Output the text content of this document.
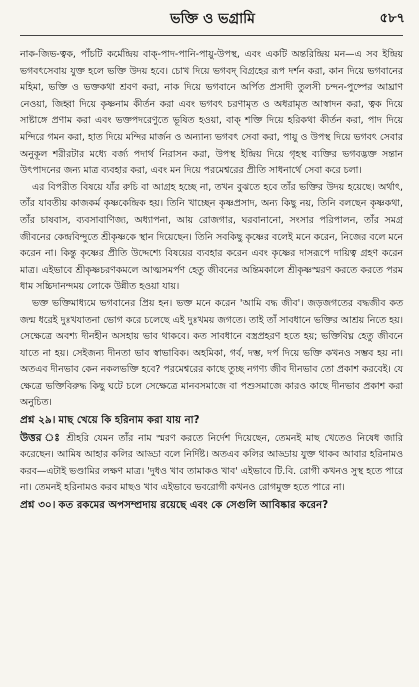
ভক্তি ও ভগ্রামি	৫৮৭

নাক-জিভ-ত্বক, পাঁচটি কর্মেন্দ্রিয় বাক্-পাদ-পানি-পায়ু-উপস্থ, এবং একটি অন্তরিন্দ্রিয় মন—এ সব ইন্দ্রিয় ভগবৎসেবায় যুক্ত হলে ভক্তি উদয় হবে। চোখ দিয়ে ভগবদ্ বিগ্রহের রূপ দর্শন করা, কান দিয়ে ভগবানের মহিমা, ভক্তি ও ভক্তকথা শ্রবণ করা, নাক দিয়ে ভগবানে অর্পিত প্রসাদী তুলসী চন্দন-পুষ্পের আঘ্রাণ নেওয়া, জিহ্বা দিয়ে কৃষ্ণনাম কীর্তন করা এবং ভগবৎ চরণামৃত ও অধরামৃত আস্বাদন করা, ত্বক দিয়ে সাষ্টাঙ্গে প্রণাম করা এবং ভক্তপদরেণুতে ভূষিত হওয়া, বাক্ শক্তি দিয়ে হরিকথা কীর্তন করা, পাদ দিয়ে মন্দিরে গমন করা, হাত দিয়ে মন্দির মার্জন ও অন্যান্য ভগবৎ সেবা করা, পায়ু ও উপস্থ দিয়ে ভগবৎ সেবার অনুকূল শরীরটার মধ্যে বর্জ্য পদার্থ নিরাসন করা, উপস্থ ইন্দ্রিয় দিয়ে গৃহস্থ ব্যক্তির ভগবদ্ভক্ত সন্তান উৎপাদনের জন্য মাত্র ব্যবহার করা, এবং মন দিয়ে পরমেশ্বরের প্রীতি সাধনার্থে সেবা করে চলা।

এর বিপরীত বিষয়ে যাঁর রুচি বা আগ্রহ হচ্ছে না, তখন বুঝতে হবে তাঁর ভক্তির উদয় হয়েছে। অর্থাৎ, তাঁর যাবতীয় কাজকর্ম কৃষ্ণকেন্দ্রিক হয়। তিনি খাচ্ছেন কৃষ্ণপ্রসাদ, অন্য কিছু নয়, তিনি বলছেন কৃষ্ণকথা, তাঁর চাষবাস, ব্যবসাবাণিজ্য, অধ্যাপনা, আয় রোজগার, ঘরবানানো, সংসার পরিপালন, তাঁর সমগ্র জীবনের কেন্দ্রবিন্দুতে শ্রীকৃষ্ণকে স্থান দিয়েছেন। তিনি সবকিছু কৃষ্ণের বলেই মনে করেন, নিজের বলে মনে করেন না। কিন্তু কৃষ্ণের প্রীতি উদ্দেশ্যে বিষয়ের ব্যবহার করেন এবং কৃষ্ণের দাসরূপে দায়িত্ব গ্রহণ করেন মাত্র। এইভাবে শ্রীকৃষ্ণচরণকমলে আত্মসমর্পণ হেতু জীবনের অন্তিমকালে শ্রীকৃষ্ণস্মরণ করতে করতে পরম ধাম সচ্চিদানন্দময় লোকে উন্নীত হওয়া যায়।

ভক্ত ভক্তিমাধ্যমে ভগবানের প্রিয় হন। ভক্ত মনে করেন 'আমি বদ্ধ জীব'। জড়জগতের বদ্ধজীব কত জন্ম ধরেই দুঃখযাতনা ভোগ করে চলেছে এই দুঃখময় জগতে। তাই তাঁ সাবধানে ভক্তির আশ্রয় নিতে হয়। সেক্ষেত্রে অবশ্য দীনহীন অসহায় ভাব থাকবে। কত সাবধানে বস্ত্রপ্রহরণ হতে হয়; ভক্তিবিঘ্ন হেতু জীবনে যাতে না হয়। সেইজন্য দীনতা ভাব স্বাভাবিক। অহমিকা, গর্ব, দম্ভ, দর্প দিয়ে ভক্তি কখনও সম্ভব হয় না। অতএব দীনভাব কেন নকলভক্তি হবে? পরমেশ্বরের কাছে তুচ্ছ নগণ্য জীব দীনভাব তো প্রকাশ করবেই। যে ক্ষেত্রে ভক্তিবিরুদ্ধ কিছু ঘটে চলে সেক্ষেত্রে মানবসমাজে বা পশুসমাজে কারও কাছে দীনভাব প্রকাশ করা অনুচিত।

প্রশ্ন ২৯। মাছ খেয়ে কি হরিনাম করা যায় না?

উত্তর ঃ শ্রীহরি যেমন তাঁর নাম স্মরণ করতে নির্দেশ দিয়েছেন, তেমনই মাছ খেতেও নিষেধ জারি করেছেন। আমিষ আহার কলির আড্ডা বলে নির্দিষ্ট। অতএব কলির আড্ডায় যুক্ত থাকব আবার হরিনামও করব—এটাই ভণ্ডামির লক্ষণ মাত্র। 'দুধও খাব তামাকও খাব' এইভাবে টি.বি. রোগী কখনও সুস্থ হতে পারে না। তেমনই হরিনামও করব মাছও খাব এইভাবে ভবরোগী কখনও রোগমুক্ত হতে পারে না।

প্রশ্ন ৩০। কত রকমের অপসম্প্রদায় রয়েছে এবং কে সেগুলি আবিষ্কার করেন?
